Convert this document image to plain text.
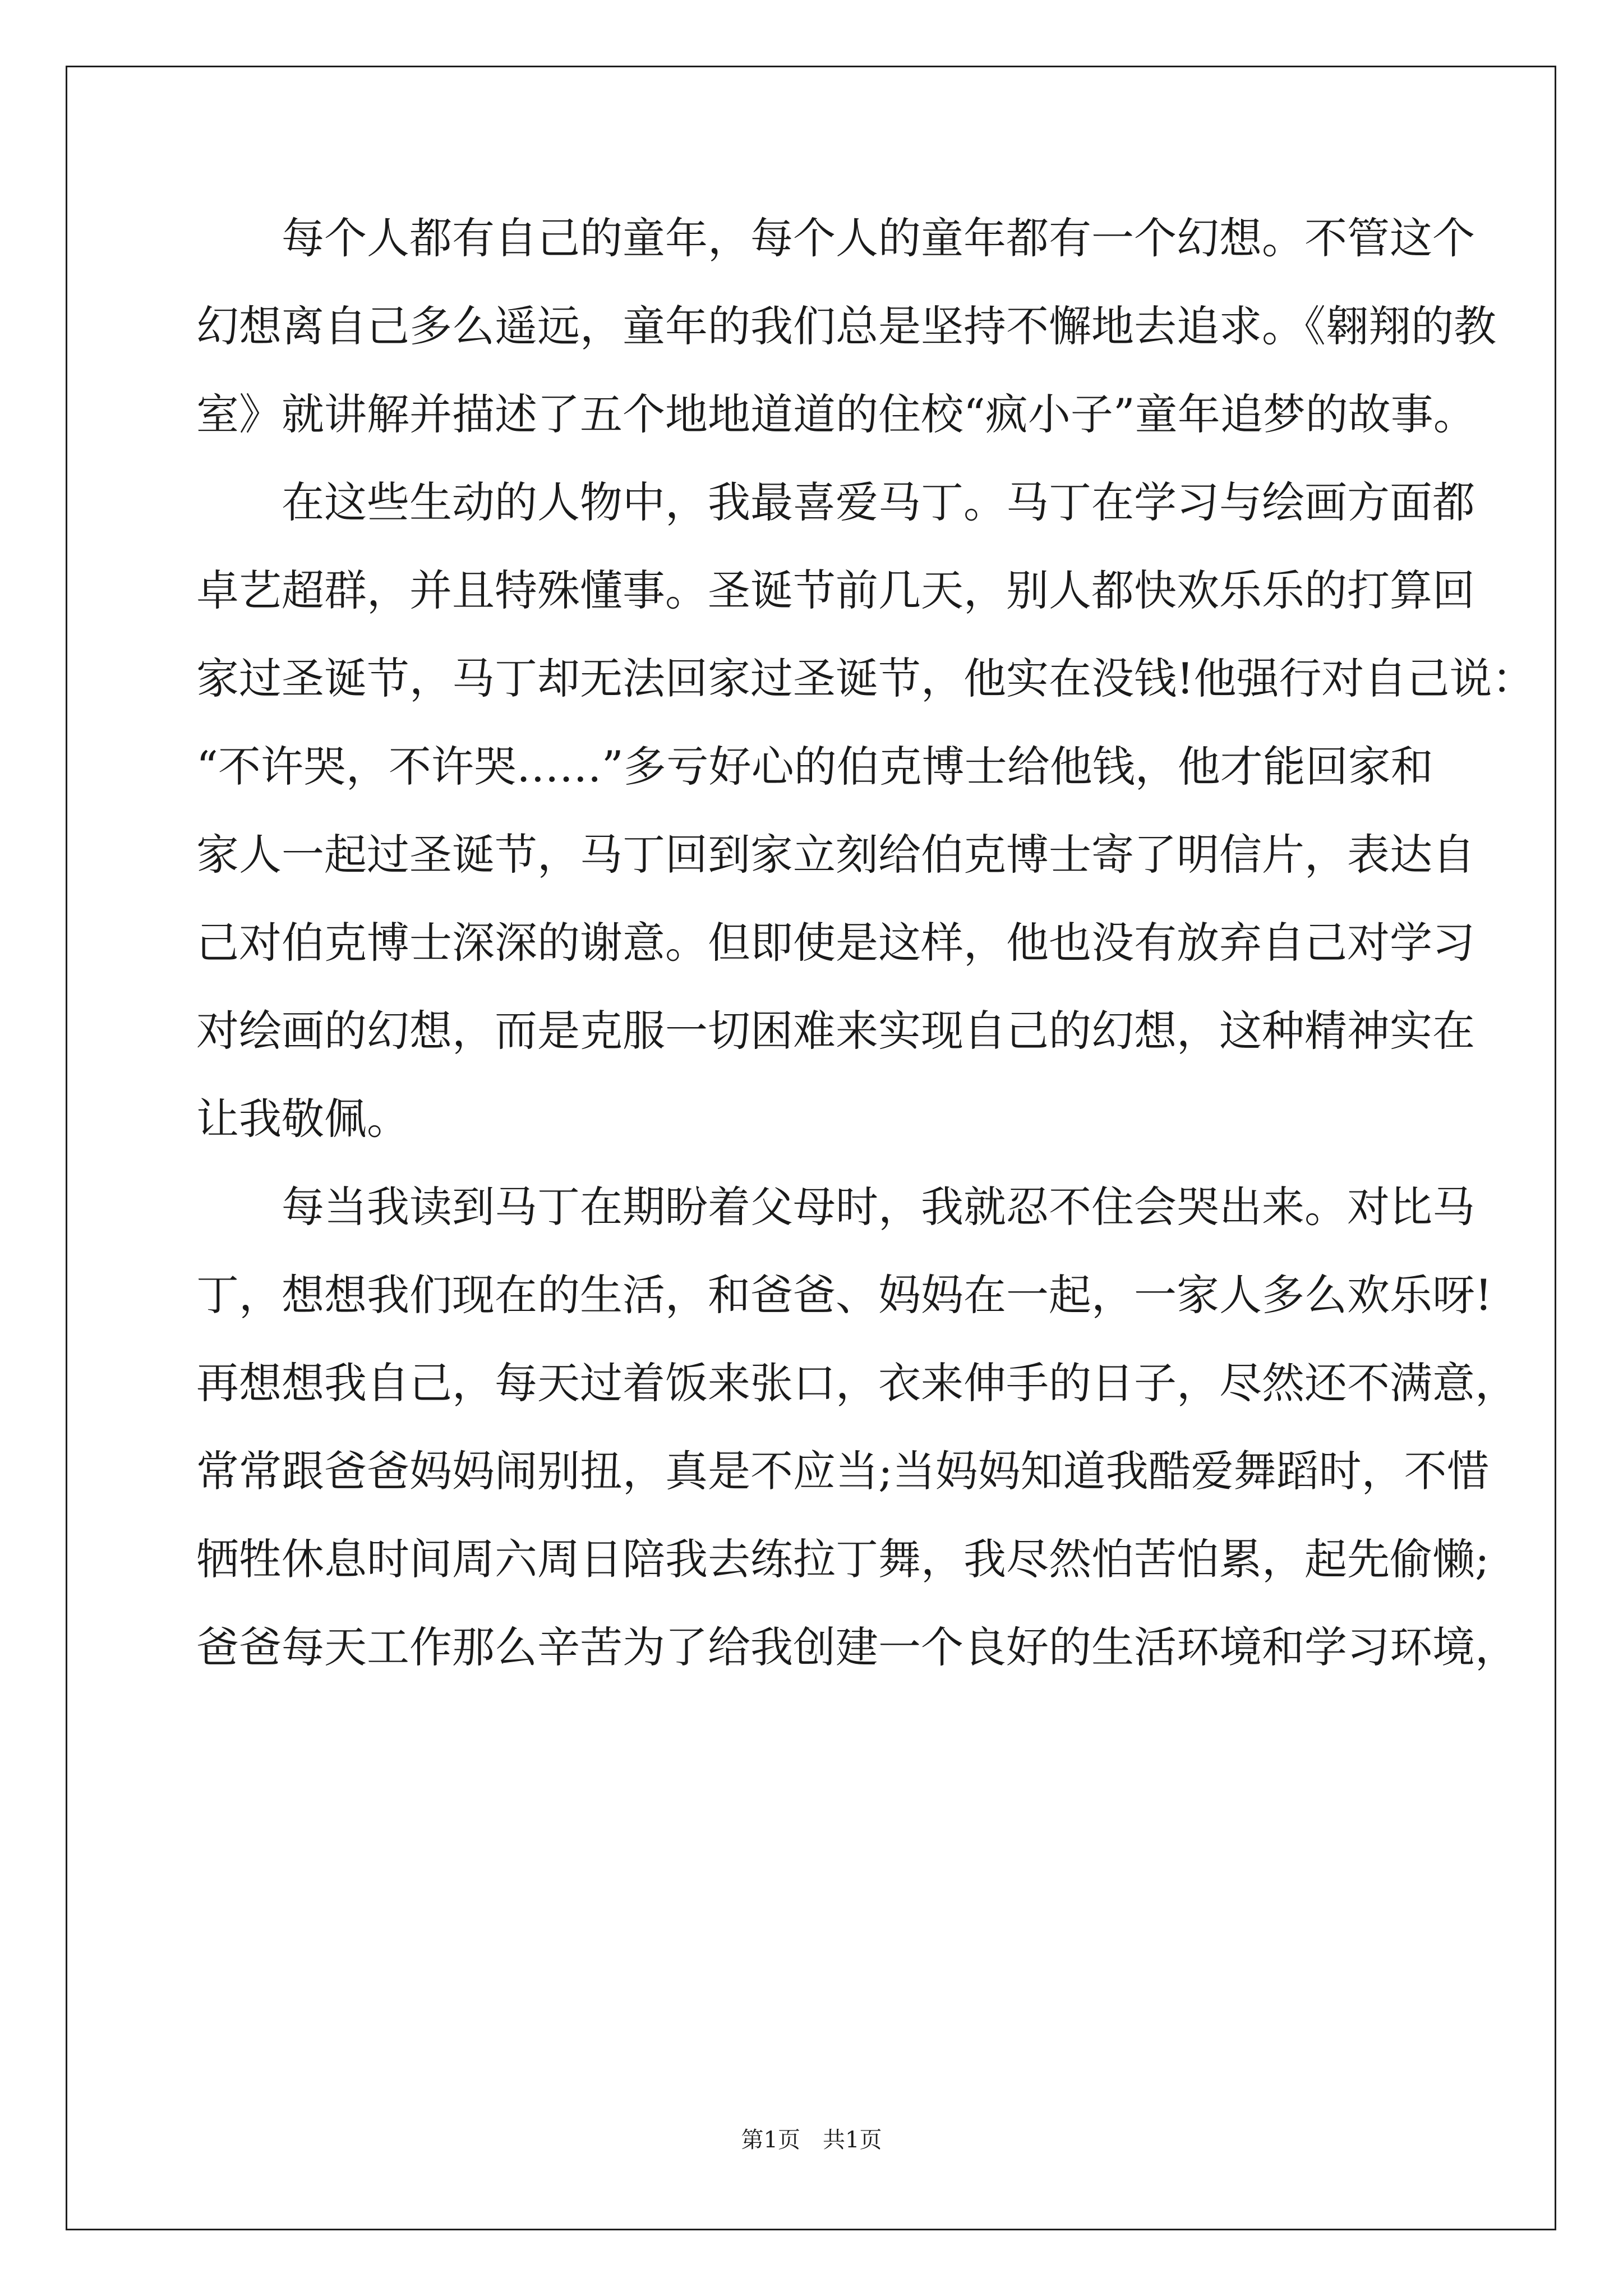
　　每个人都有自己的童年，每个人的童年都有一个幻想。不管这个
幻想离自己多么遥远，童年的我们总是坚持不懈地去追求。《翱翔的教
室》就讲解并描述了五个地地道道的住校“疯小子”童年追梦的故事。
　　在这些生动的人物中，我最喜爱马丁。马丁在学习与绘画方面都
卓艺超群，并且特殊懂事。圣诞节前几天，别人都快欢乐乐的打算回
家过圣诞节，马丁却无法回家过圣诞节，他实在没钱!他强行对自己说：
“不许哭，不许哭……”多亏好心的伯克博士给他钱，他才能回家和
家人一起过圣诞节，马丁回到家立刻给伯克博士寄了明信片，表达自
己对伯克博士深深的谢意。但即使是这样，他也没有放弃自己对学习
对绘画的幻想，而是克服一切困难来实现自己的幻想，这种精神实在
让我敬佩。
　　每当我读到马丁在期盼着父母时，我就忍不住会哭出来。对比马
丁，想想我们现在的生活，和爸爸、妈妈在一起，一家人多么欢乐呀!
再想想我自己，每天过着饭来张口，衣来伸手的日子，尽然还不满意，
常常跟爸爸妈妈闹别扭，真是不应当;当妈妈知道我酷爱舞蹈时，不惜
牺牲休息时间周六周日陪我去练拉丁舞，我尽然怕苦怕累，起先偷懒;
爸爸每天工作那么辛苦为了给我创建一个良好的生活环境和学习环境，
第1页　共1页
